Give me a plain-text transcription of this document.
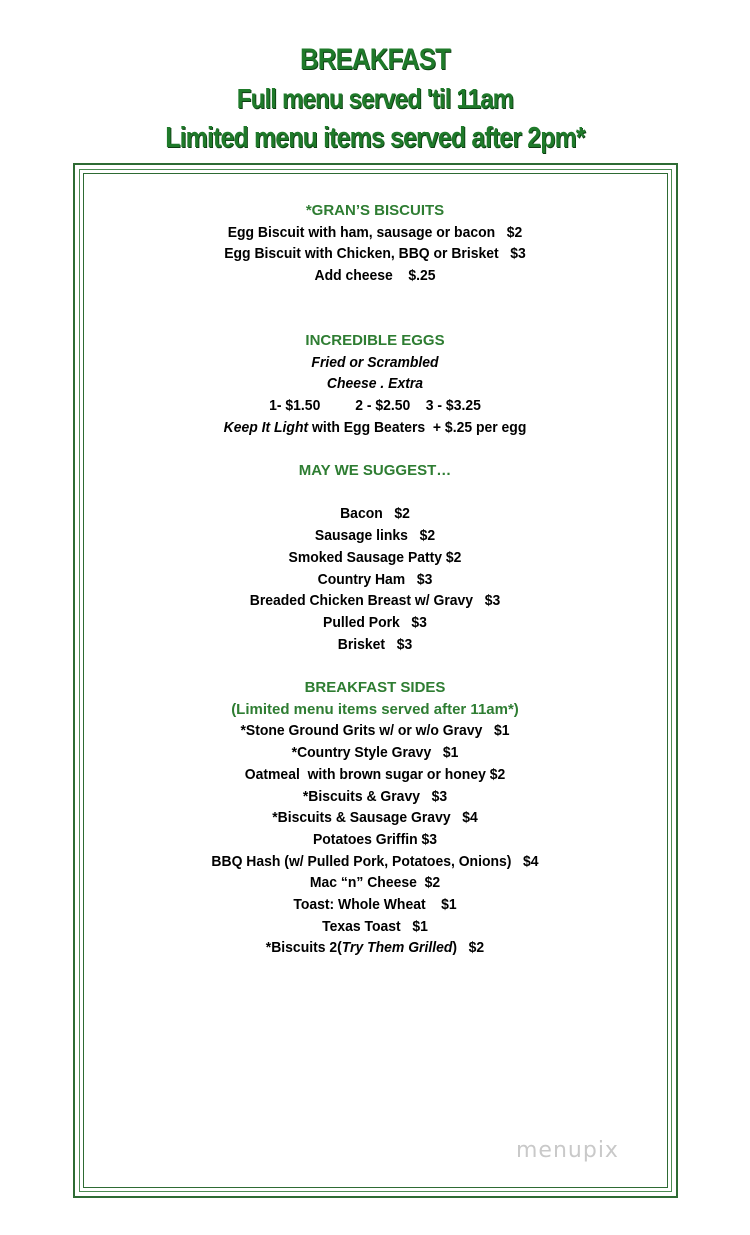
BREAKFAST
Full menu served 'til 11am
Limited menu items served after 2pm*
*GRAN’S BISCUITS
Egg Biscuit with ham, sausage or bacon   $2
Egg Biscuit with Chicken, BBQ or Brisket   $3
Add cheese    $.25
INCREDIBLE EGGS
Fried or Scrambled
Cheese . Extra
1- $1.50         2 - $2.50    3 - $3.25
Keep It Light with Egg Beaters  + $.25 per egg
MAY WE SUGGEST…
Bacon   $2
Sausage links   $2
Smoked Sausage Patty $2
Country Ham   $3
Breaded Chicken Breast w/ Gravy   $3
Pulled Pork   $3
Brisket   $3
BREAKFAST SIDES
(Limited menu items served after 11am*)
*Stone Ground Grits w/ or w/o Gravy   $1
*Country Style Gravy   $1
Oatmeal  with brown sugar or honey $2
*Biscuits & Gravy   $3
*Biscuits & Sausage Gravy   $4
Potatoes Griffin $3
BBQ Hash (w/ Pulled Pork, Potatoes, Onions)   $4
Mac “n” Cheese  $2
Toast: Whole Wheat    $1
Texas Toast   $1
*Biscuits 2(Try Them Grilled)   $2
menupix
